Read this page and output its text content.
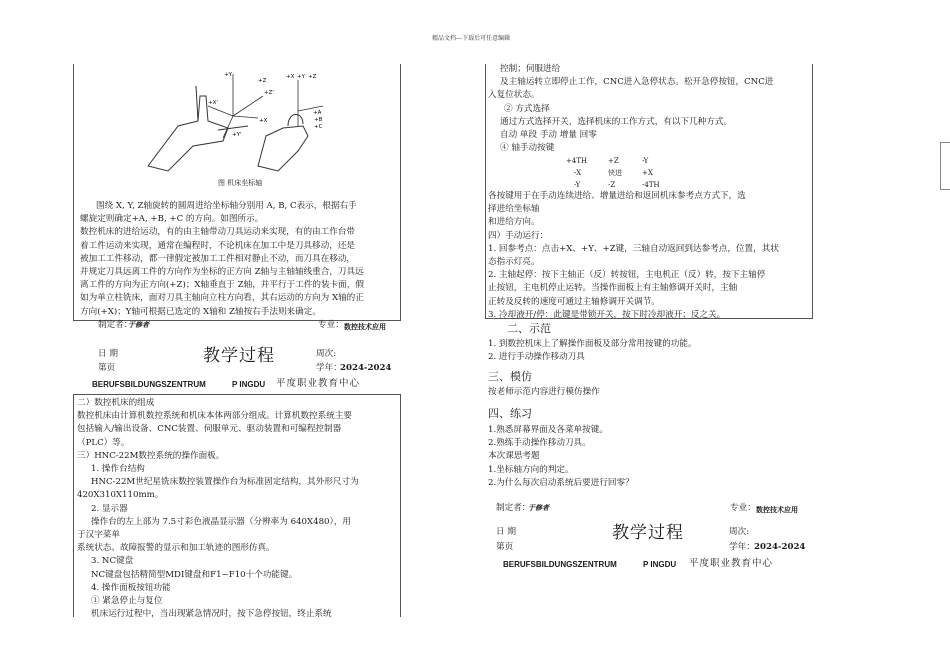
精品文档---下载后可任意编辑
+Y
+Z
+X
+Z'
+X'
+Y'
+X +Y +Z
+A
+B
+C
图 机床坐标轴
围绕 X, Y, Z轴旋转的圆周进给坐标轴分别用 A, B, C表示，根据右手
螺旋定则确定+A, +B, +C 的方向。如图所示。
数控机床的进给运动，有的由主轴带动刀具运动来实现，有的由工作台带
着工件运动来实现，通常在编程时，不论机床在加工中是刀具移动，还是
被加工工件移动，都一律假定被加工工件相对静止不动，而刀具在移动，
并规定刀具远离工件的方向作为坐标的正方向 Z轴与主轴轴线重合，刀具远
离工件的方向为正方向(+Z)；X轴垂直于 Z轴，并平行于工件的装卡面，假
如为单立柱铣床，面对刀具主轴向立柱方向看，其右运动的方向为 X轴的正
方向(+X)；Y轴可根据已选定的 X轴和 Z轴按右手法则来确定。
制定者：
于修者	专业： 数控技术应用
日 期	教学过程	周次:
第页	学年：
2024-2024
BERUFSBILDUNGSZENTRUM	P INGDU 平度职业教育中心
二）数控机床的组成
数控机床由计算机数控系统和机床本体两部分组成。计算机数控系统主要
包括输入/输出设备、CNC装置、伺服单元、驱动装置和可编程控制器
（PLC）等。
三）HNC-22M数控系统的操作面板。
1. 操作台结构
HNC-22M世纪星铣床数控装置操作台为标准固定结构，其外形尺寸为
420X310X110mm。
2. 显示器
操作台的左上部为 7.5寸彩色液晶显示器（分辨率为 640X480），用
于汉字菜单
系统状态、故障报警的显示和加工轨迹的图形仿真。
3. NC键盘
NC键盘包括精简型MDI键盘和F1~F10十个功能键。
4. 操作面板按钮功能
① 紧急停止与复位
机床运行过程中，当出现紧急情况时，按下急停按钮，终止系统
控制；伺服进给
及主轴运转立即停止工作，CNC进入急停状态。松开急停按钮，CNC进
入复位状态。
② 方式选择
通过方式选择开关，选择机床的工作方式，有以下几种方式。
自动 单段 手动 增量 回零
④ 轴手动按键
+4TH	+Z	-Y
-X	快进	+X
-Y	-Z	-4TH
各按键用于在手动连续进给、增量进给和返回机床参考点方式下，选
择进给坐标轴
和进给方向。
四）手动运行：
1. 回参考点：点击+X、+Y、+Z键，三轴自动返回到达参考点，位置，其状
态指示灯亮。
2. 主轴起停：按下主轴正（反）转按钮，主电机正（反）转，按下主轴停
止按钮，主电机停止运转。当操作面板上有主轴修调开关时，主轴
正转及反转的速度可通过主轴修调开关调节。
3. 冷却液开/停：此键是带锁开关，按下时冷却液开；反之关。
二、示范
1. 到数控机床上了解操作面板及部分常用按键的功能。
2. 进行手动操作移动刀具
三、模仿
按老师示范内容进行模仿操作
四、练习
1.熟悉屏幕界面及各菜单按键。
2.熟练手动操作移动刀具。
本次课思考题
1.坐标轴方向的判定。
2.为什么每次启动系统后要进行回零？
制定者：
于修者	专业： 数控技术应用
日 期	教学过程	周次:
第页	学年： 2024-2024
BERUFSBILDUNGSZENTRUM	P INGDU 平度职业教育中心
